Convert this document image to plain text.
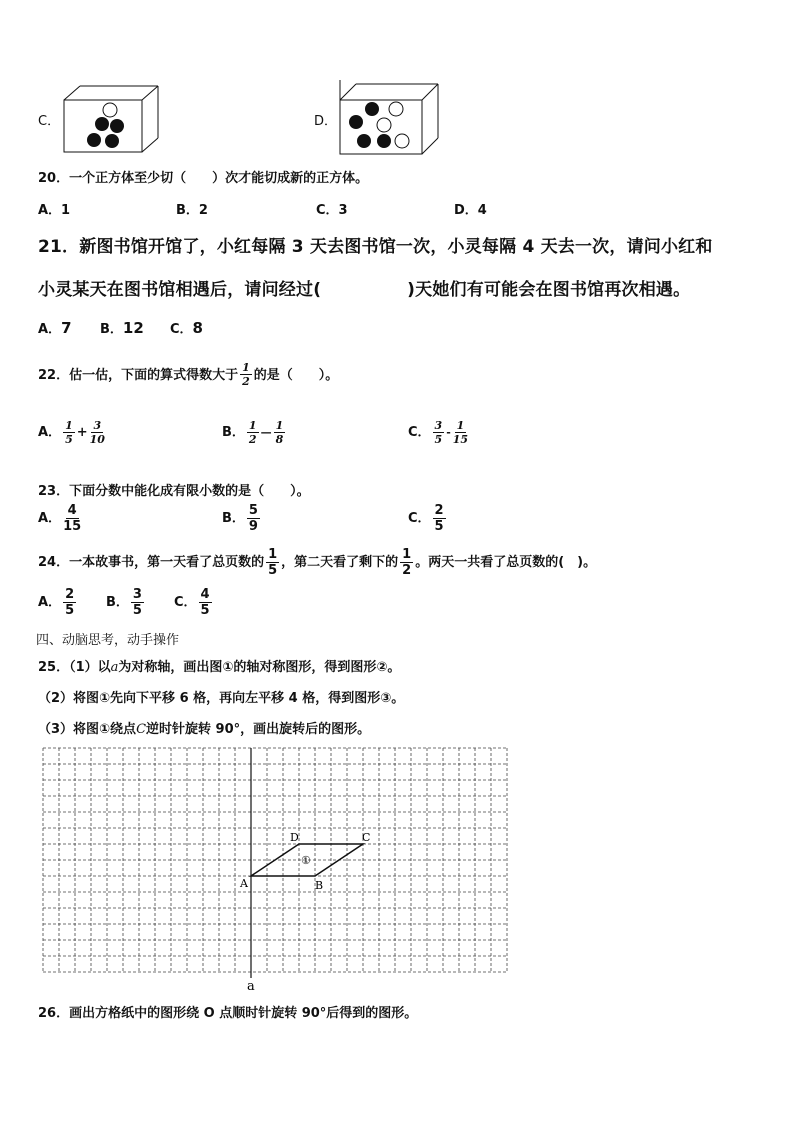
C．	D．
20．一个正方体至少切（　　）次才能切成新的正方体。
A．1	B．2	C．3	D．4
21．新图书馆开馆了，小红每隔 3 天去图书馆一次，小灵每隔 4 天去一次，请问小红和
小灵某天在图书馆相遇后，请问经过(　　　　　)天她们有可能会在图书馆再次相遇。
A．7 B．12 C．8
22．估一估，下面的算式得数大于 $\frac{1}{2}$ 的是（　　）。
A． $\frac{1}{5} + \frac{3}{10}$	B． $\frac{1}{2}$ — $\frac{1}{8}$	C． $\frac{3}{5} - \frac{1}{15}$
23．下面分数中能化成有限小数的是（　　）。
A． $\frac{4}{15}$	B． $\frac{5}{9}$	C． $\frac{2}{5}$
24．一本故事书，第一天看了总页数的 $\frac{1}{5}$ ，第二天看了剩下的 $\frac{1}{2}$ 。两天一共看了总页数的(　)。
A． $\frac{2}{5}$ B． $\frac{3}{5}$ C． $\frac{4}{5}$
四、动脑思考，动手操作
25．（1）以a为对称轴，画出图①的轴对称图形，得到图形②。
（2）将图①先向下平移 6 格，再向左平移 4 格，得到图形③。
（3）将图①绕点C逆时针旋转 90°，画出旋转后的图形。
a
A	B
C
D
①
26．画出方格纸中的图形绕 O 点顺时针旋转 90°后得到的图形。
